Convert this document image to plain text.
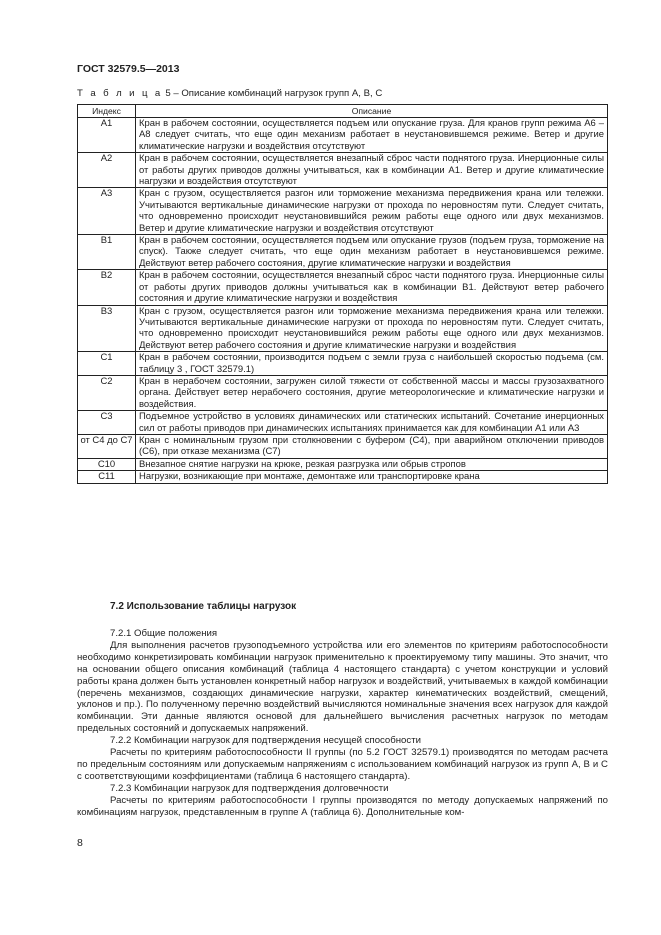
ГОСТ 32579.5—2013
Т а б л и ц а 5 – Описание комбинаций нагрузок групп А, В, С
Индекс	Описание
A1	Кран в рабочем состоянии, осуществляется подъем или опускание груза. Для кранов групп режима А6 – А8 следует считать, что еще один механизм работает в неустановившемся режиме. Ветер и другие климатические нагрузки и воздействия отсутствуют
A2	Кран в рабочем состоянии, осуществляется внезапный сброс части поднятого груза. Инерционные силы от работы других приводов должны учитываться, как в комбинации А1. Ветер и другие климатические нагрузки и воздействия отсутствуют
A3	Кран с грузом, осуществляется разгон или торможение механизма передвижения крана или тележки. Учитываются вертикальные динамические нагрузки от прохода по неровностям пути. Следует считать, что одновременно происходит неустановившийся режим работы еще одного или двух механизмов. Ветер и другие климатические нагрузки и воздействия отсутствуют
B1	Кран в рабочем состоянии, осуществляется подъем или опускание грузов (подъем груза, торможение на спуск). Также следует считать, что еще один механизм работает в неустановившемся режиме. Действуют ветер рабочего состояния, другие климатические нагрузки и воздействия
B2	Кран в рабочем состоянии, осуществляется внезапный сброс части поднятого груза. Инерционные силы от работы других приводов должны учитываться как в комбинации В1. Действуют ветер рабочего состояния и другие климатические нагрузки и воздействия
B3	Кран с грузом, осуществляется разгон или торможение механизма передвижения крана или тележки. Учитываются вертикальные динамические нагрузки от прохода по неровностям пути. Следует считать, что одновременно происходит неустановившийся режим работы еще одного или двух механизмов. Действуют ветер рабочего состояния и другие климатические нагрузки и воздействия
C1	Кран в рабочем состоянии, производится подъем с земли груза с наибольшей скоростью подъема (см. таблицу 3 , ГОСТ 32579.1)
C2	Кран в нерабочем состоянии, загружен силой тяжести от собственной массы и массы грузозахватного органа. Действует ветер нерабочего состояния, другие метеорологические и климатические нагрузки и воздействия.
C3	Подъемное устройство в условиях динамических или статических испытаний. Сочетание инерционных сил от работы приводов при динамических испытаниях принимается как для комбинации А1 или А3
от С4 до С7	Кран с номинальным грузом при столкновении с буфером (С4), при аварийном отключении приводов (С6), при отказе механизма (С7)
C10	Внезапное снятие нагрузки на крюке, резкая разгрузка или обрыв стропов
C11	Нагрузки, возникающие при монтаже, демонтаже или транспортировке крана
7.2 Использование таблицы нагрузок

7.2.1 Общие положения

Для выполнения расчетов грузоподъемного устройства или его элементов по критериям работоспособности необходимо конкретизировать комбинации нагрузок применительно к проектируемому типу машины. Это значит, что на основании общего описания комбинаций (таблица 4 настоящего стандарта) с учетом конструкции и условий работы крана должен быть установлен конкретный набор нагрузок и воздействий, учитываемых в каждой комбинации (перечень механизмов, создающих динамические нагрузки, характер кинематических воздействий, смещений, уклонов и пр.). По полученному перечню воздействий вычисляются номинальные значения всех нагрузок для каждой комбинации. Эти данные являются основой для дальнейшего вычисления расчетных нагрузок по методам предельных состояний и допускаемых напряжений.

7.2.2 Комбинации нагрузок для подтверждения несущей способности

Расчеты по критериям работоспособности II группы (по 5.2 ГОСТ 32579.1) производятся по методам расчета по предельным состояниям или допускаемым напряжениям с использованием комбинаций нагрузок из групп А, В и С с соответствующими коэффициентами (таблица 6 настоящего стандарта).

7.2.3 Комбинации нагрузок для подтверждения долговечности

Расчеты по критериям работоспособности I группы производятся по методу допускаемых напряжений по комбинациям нагрузок, представленным в группе А (таблица 6). Дополнительные ком-

8
